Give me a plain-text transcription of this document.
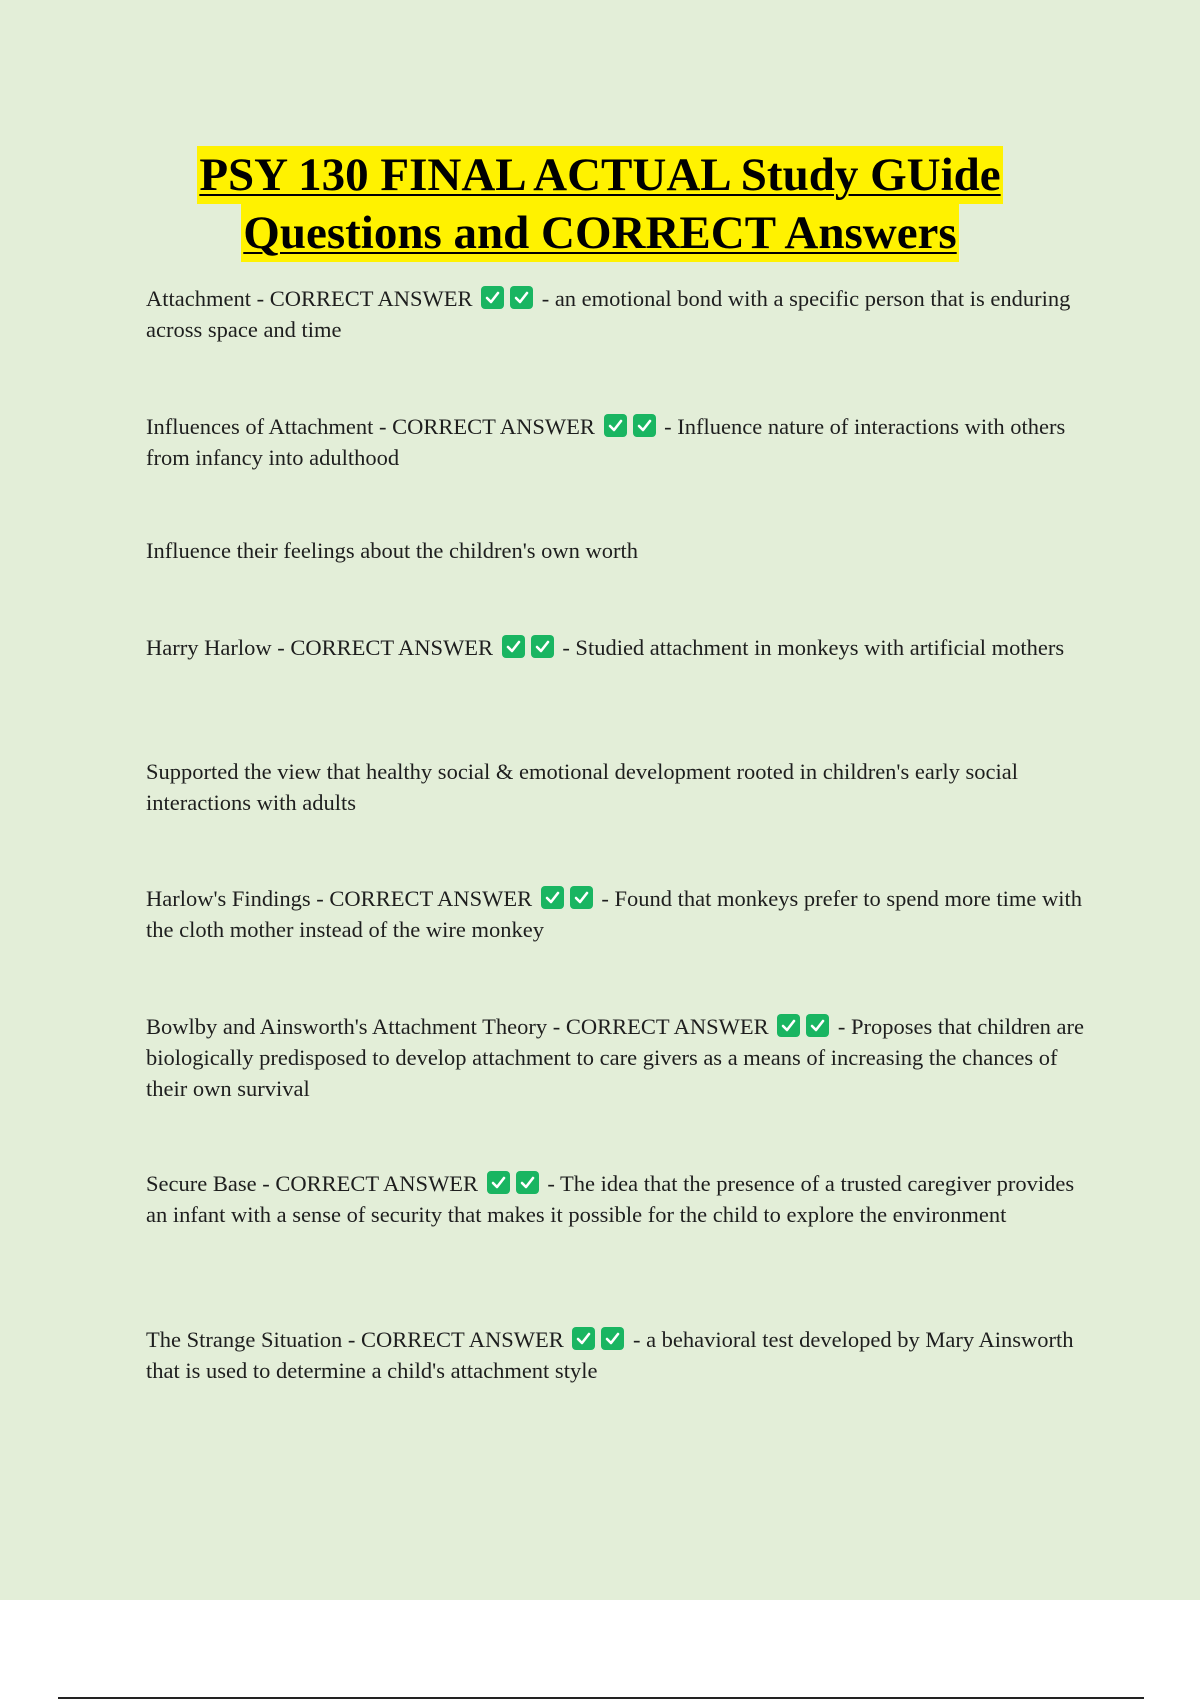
PSY 130 FINAL ACTUAL Study GUide
Questions and CORRECT Answers
Attachment - CORRECT ANSWER	- an emotional bond with a specific person that is enduring across space and time
Influences of Attachment - CORRECT ANSWER	- Influence nature of interactions with others from infancy into adulthood
Influence their feelings about the children's own worth
Harry Harlow - CORRECT ANSWER	- Studied attachment in monkeys with artificial mothers
Supported the view that healthy social & emotional development rooted in children's early social interactions with adults
Harlow's Findings - CORRECT ANSWER	- Found that monkeys prefer to spend more time with the cloth mother instead of the wire monkey
Bowlby and Ainsworth's Attachment Theory - CORRECT ANSWER	- Proposes that children are biologically predisposed to develop attachment to care givers as a means of increasing the chances of their own survival
Secure Base - CORRECT ANSWER	- The idea that the presence of a trusted caregiver provides an infant with a sense of security that makes it possible for the child to explore the environment
The Strange Situation - CORRECT ANSWER	- a behavioral test developed by Mary Ainsworth that is used to determine a child's attachment style
